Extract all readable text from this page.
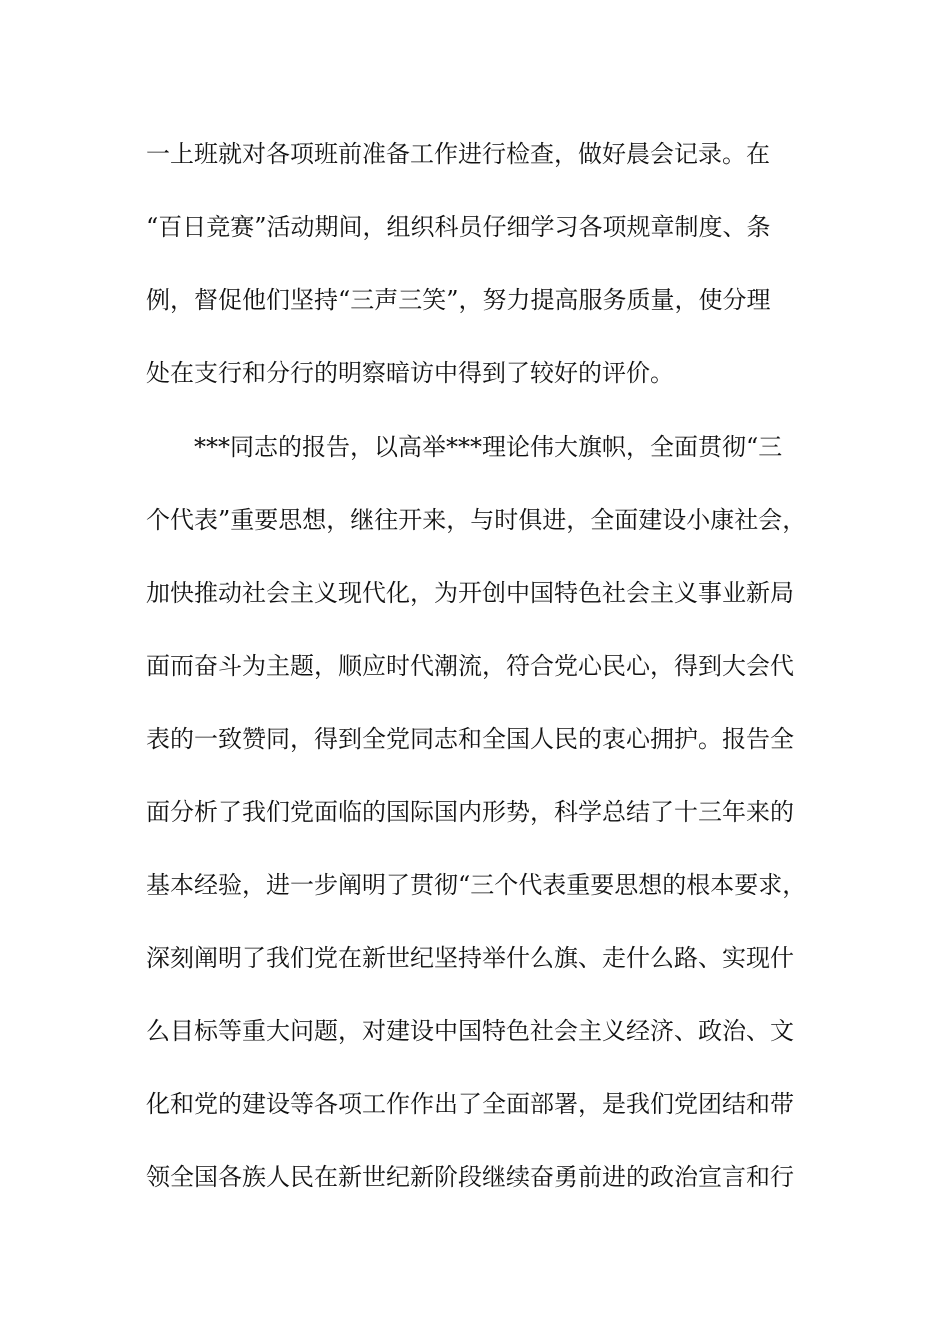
一上班就对各项班前准备工作进行检查，做好晨会记录。在
“百日竞赛”活动期间，组织科员仔细学习各项规章制度、条
例，督促他们坚持“三声三笑”，努力提高服务质量，使分理
处在支行和分行的明察暗访中得到了较好的评价。
　　***同志的报告，以高举***理论伟大旗帜，全面贯彻“三
个代表”重要思想，继往开来，与时俱进，全面建设小康社会，
加快推动社会主义现代化，为开创中国特色社会主义事业新局
面而奋斗为主题，顺应时代潮流，符合党心民心，得到大会代
表的一致赞同，得到全党同志和全国人民的衷心拥护。报告全
面分析了我们党面临的国际国内形势，科学总结了十三年来的
基本经验，进一步阐明了贯彻“三个代表重要思想的根本要求，
深刻阐明了我们党在新世纪坚持举什么旗、走什么路、实现什
么目标等重大问题，对建设中国特色社会主义经济、政治、文
化和党的建设等各项工作作出了全面部署，是我们党团结和带
领全国各族人民在新世纪新阶段继续奋勇前进的政治宣言和行
